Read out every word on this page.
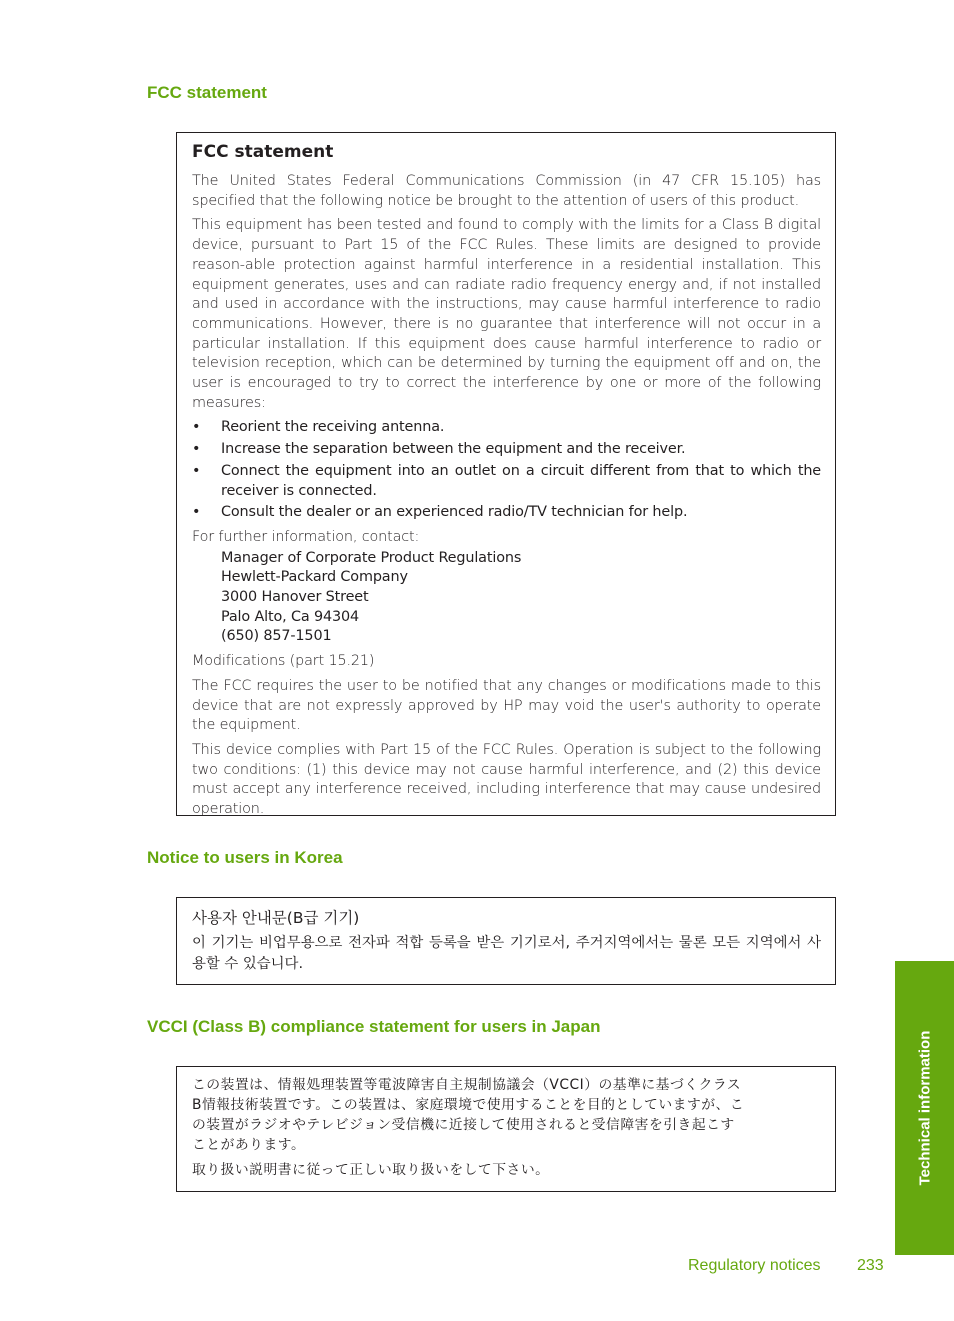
FCC statement
FCC statement

The United States Federal Communications Commission (in 47 CFR 15.105) has specified that the following notice be brought to the attention of users of this product.

This equipment has been tested and found to comply with the limits for a Class B digital device, pursuant to Part 15 of the FCC Rules. These limits are designed to provide reason-able protection against harmful interference in a residential installation. This equipment generates, uses and can radiate radio frequency energy and, if not installed and used in accordance with the instructions, may cause harmful interference to radio communications. However, there is no guarantee that interference will not occur in a particular installation. If this equipment does cause harmful interference to radio or television reception, which can be determined by turning the equipment off and on, the user is encouraged to try to correct the interference by one or more of the following measures:

• Reorient the receiving antenna.
• Increase the separation between the equipment and the receiver.
• Connect the equipment into an outlet on a circuit different from that to which the receiver is connected.
• Consult the dealer or an experienced radio/TV technician for help.

For further information, contact:

Manager of Corporate Product Regulations
Hewlett-Packard Company
3000 Hanover Street
Palo Alto, Ca 94304
(650) 857-1501

Modifications (part 15.21)

The FCC requires the user to be notified that any changes or modifications made to this device that are not expressly approved by HP may void the user's authority to operate the equipment.

This device complies with Part 15 of the FCC Rules. Operation is subject to the following two conditions: (1) this device may not cause harmful interference, and (2) this device must accept any interference received, including interference that may cause undesired operation.

Notice to users in Korea
사용자 안내문(B급 기기)

이 기기는 비업무용으로 전자파 적합 등록을 받은 기기로서, 주거지역에서는 물론 모든 지역에서 사용할 수 있습니다.

VCCI (Class B) compliance statement for users in Japan

この装置は、情報処理装置等電波障害自主規制協議会（VCCI）の基準に基づくクラス

B情報技術装置です。この装置は、家庭環境で使用することを目的としていますが、こ

の装置がラジオやテレビジョン受信機に近接して使用されると受信障害を引き起こす

ことがあります。

取り扱い説明書に従って正しい取り扱いをして下さい。	Technical information
Regulatory notices 233
